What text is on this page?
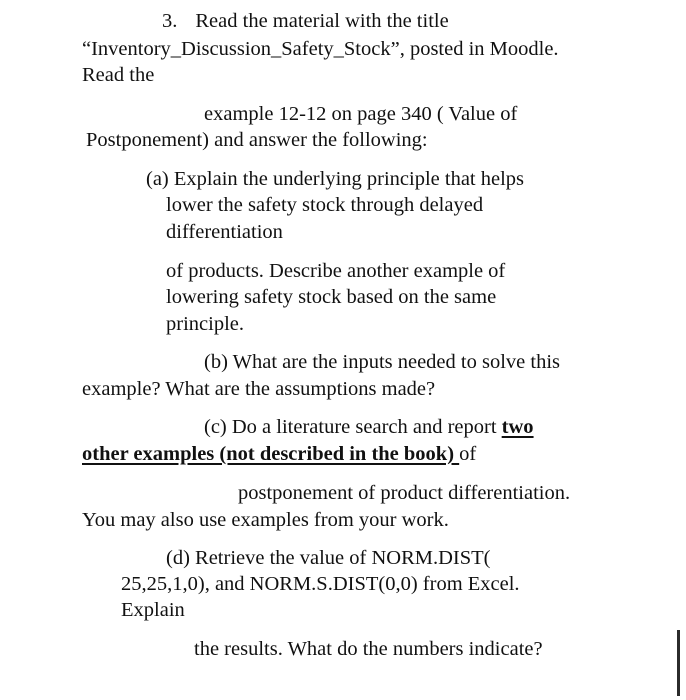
3. Read the material with the title
“Inventory_Discussion_Safety_Stock”, posted in Moodle.
Read the
example 12-12 on page 340 ( Value of
Postponement) and answer the following:
(a) Explain the underlying principle that helps
lower the safety stock through delayed
differentiation
of products. Describe another example of
lowering safety stock based on the same
principle.
(b) What are the inputs needed to solve this
example? What are the assumptions made?
(c) Do a literature search and report two
other examples (not described in the book) of
postponement of product differentiation.
You may also use examples from your work.
(d) Retrieve the value of NORM.DIST(
25,25,1,0), and NORM.S.DIST(0,0) from Excel.
Explain
the results. What do the numbers indicate?
